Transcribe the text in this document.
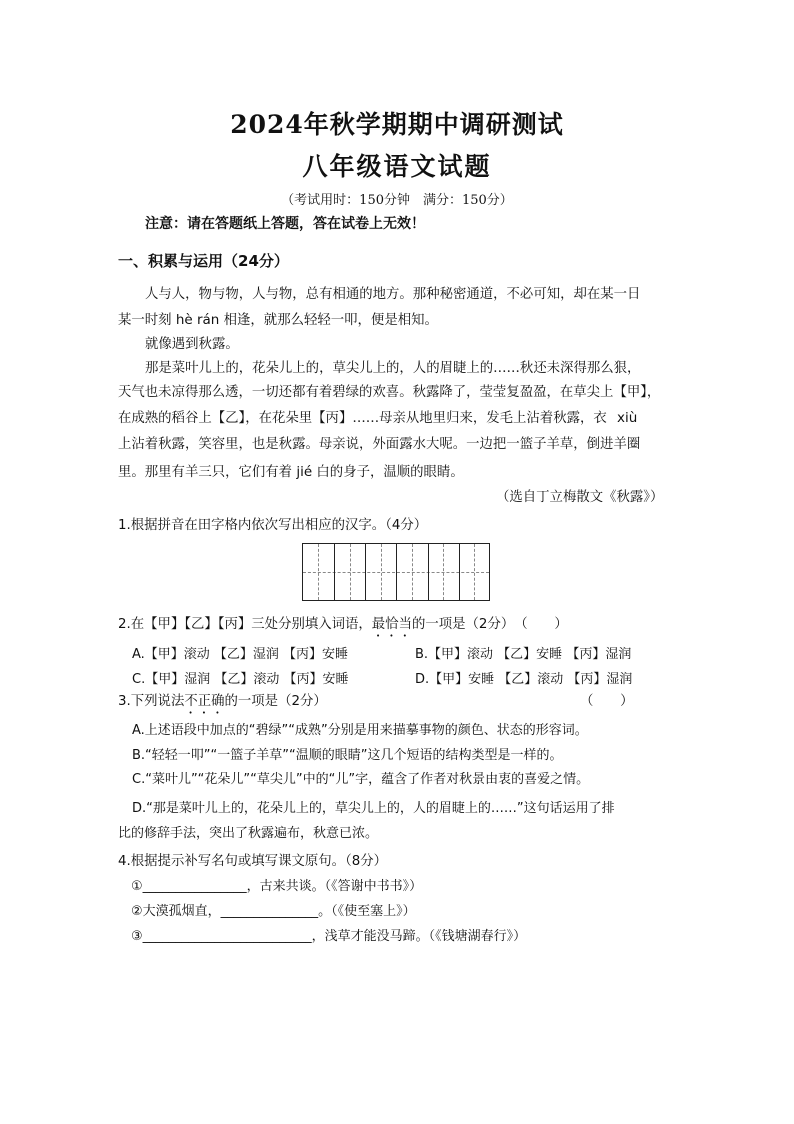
2024年秋学期期中调研测试
八年级语文试题
（考试用时：150分钟　满分：150分）
注意：请在答题纸上答题，答在试卷上无效！
一、积累与运用（24分）
人与人，物与物，人与物，总有相通的地方。那种秘密通道，不必可知，却在某一日
某一时刻 hè rán 相逢，就那么轻轻一叩，便是相知。
就像遇到秋露。
那是菜叶儿上的，花朵儿上的，草尖儿上的，人的眉睫上的……秋还未深得那么狠，
天气也未凉得那么透，一切还都有着碧绿的欢喜。秋露降了，莹莹复盈盈，在草尖上【甲】，
在成熟的稻谷上【乙】，在花朵里【丙】……母亲从地里归来，发毛上沾着秋露，衣 xiù
上沾着秋露，笑容里，也是秋露。母亲说，外面露水大呢。一边把一篮子羊草，倒进羊圈
里。那里有羊三只，它们有着 jié 白的身子，温顺的眼睛。
（选自丁立梅散文《秋露》）
1.根据拼音在田字格内依次写出相应的汉字。（4分）
2.在【甲】【乙】【丙】三处分别填入词语，最恰当的一项是（2分）　（　　）
A.【甲】滚动 【乙】湿润 【丙】安睡	B.【甲】滚动 【乙】安睡 【丙】湿润
C.【甲】湿润 【乙】滚动 【丙】安睡	D.【甲】安睡 【乙】滚动 【丙】湿润
3.下列说法不正确的一项是（2分）	（　　）
A.上述语段中加点的“碧绿”“成熟”分别是用来描摹事物的颜色、状态的形容词。
B.“轻轻一叩”“一篮子羊草”“温顺的眼睛”这几个短语的结构类型是一样的。
C.“菜叶儿”“花朵儿”“草尖儿”中的“儿”字，蕴含了作者对秋景由衷的喜爱之情。
D.“那是菜叶儿上的，花朵儿上的，草尖儿上的，人的眉睫上的……”这句话运用了排
比的修辞手法，突出了秋露遍布，秋意已浓。
4.根据提示补写名句或填写课文原句。（8分）
①________________，古来共谈。（《答谢中书书》）
②大漠孤烟直，_______________。（《使至塞上》）
③__________________________，浅草才能没马蹄。（《钱塘湖春行》）
